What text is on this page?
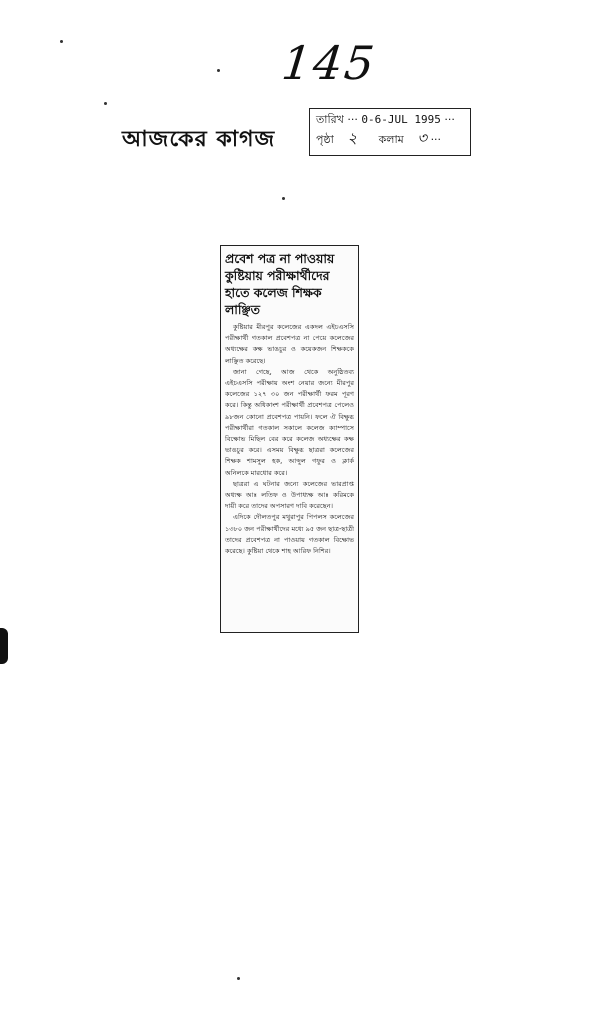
145
আজকের কাগজ
তারিখ ··· 0-6-JUL 1995 ···
পৃষ্ঠা ২ কলাম ৩ ···
প্রবেশ পত্র না পাওয়ায় কুষ্টিয়ায় পরীক্ষার্থীদের হাতে কলেজ শিক্ষক লাঞ্ছিত

কুষ্টিয়ার মীরপুর কলেজের একদল এইচএসসি পরীক্ষার্থী গতকাল প্রবেশপত্র না পেয়ে কলেজের অধ্যক্ষের কক্ষ ভাঙচুর ও কয়েকজন শিক্ষককে লাঞ্ছিত করেছে।

জানা গেছে, আজ থেকে অনুষ্ঠিতব্য এইচএসসি পরীক্ষায় অংশ নেয়ার জন্যে মীরপুর কলেজের ১২৭ ৩০ জন পরীক্ষার্থী ফরম পূরণ করে। কিন্তু অধিকাংশ পরীক্ষার্থী প্রবেশপত্র পেলেও ৯৮জন কোনো প্রবেশপত্র পায়নি। ফলে ঐ বিক্ষুব্ধ পরীক্ষার্থীরা গতকাল সকালে কলেজ ক্যাম্পাসে বিক্ষোভ মিছিল বের করে কলেজ অধ্যক্ষের কক্ষ ভাঙচুর করে। এসময় বিক্ষুব্ধ ছাত্ররা কলেজের শিক্ষক শামসুল হক, আব্দুল গফুর ও ক্লার্ক অনিলকে মারধোর করে।

ছাত্ররা এ ঘটনার জন্যে কলেজের ভারপ্রাপ্ত অধ্যক্ষ আঃ লতিফ ও উপাধ্যক্ষ আঃ করিমকে দায়ী করে তাদের অপসারণ দাবি করেছেন।

এদিকে দৌলতপুর মথুরাপুর পিপলস কলেজের ১৩৮০ জন পরীক্ষার্থীদের মধ্যে ৯৫ জন ছাত্র-ছাত্রী তাদের প্রবেশপত্র না পাওয়ায় গতকাল বিক্ষোভ করেছে। কুষ্টিয়া থেকে শাহ আরিফ নিশির।
